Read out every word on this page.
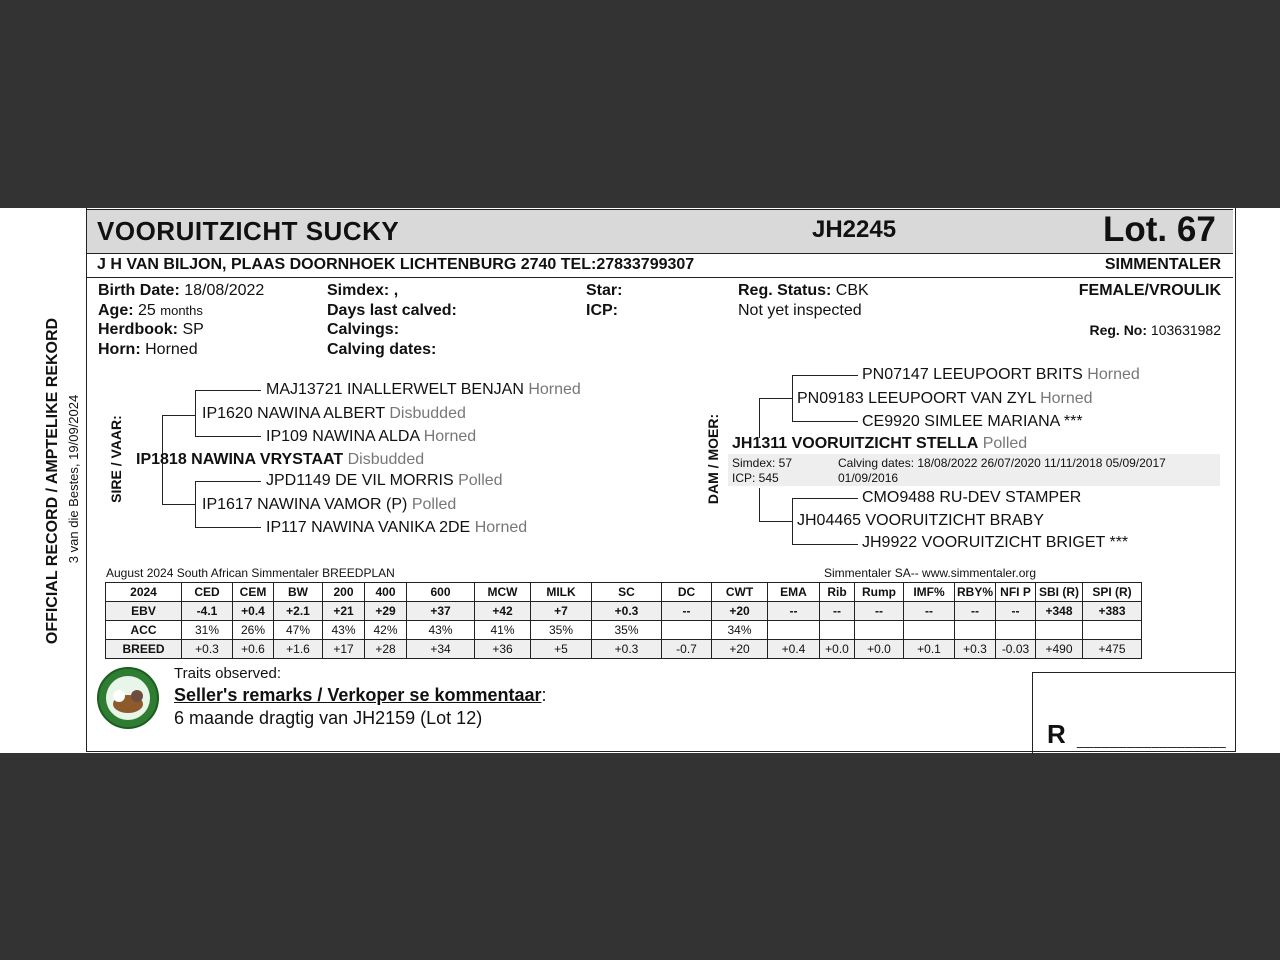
OFFICIAL RECORD / AMPTELIKE REKORD 3 van die Bestes, 19/09/2024
VOORUITZICHT SUCKY	JH2245	Lot. 67
J H VAN BILJON, PLAAS DOORNHOEK LICHTENBURG 2740 TEL:27833799307	SIMMENTALER
Birth Date: 18/08/2022
Age: 25 months
Herdbook: SP
Horn: Horned
Simdex: ,
Days last calved:
Calvings:
Calving dates:
Star:
ICP:
Reg. Status: CBK
Not yet inspected
FEMALE/VROULIK
Reg. No: 103631982
SIRE / VAAR:
MAJ13721 INALLERWELT BENJAN Horned
IP1620 NAWINA ALBERT Disbudded
IP109 NAWINA ALDA Horned
IP1818 NAWINA VRYSTAAT Disbudded
JPD1149 DE VIL MORRIS Polled
IP1617 NAWINA VAMOR (P) Polled
IP117 NAWINA VANIKA 2DE Horned
DAM / MOER:
PN07147 LEEUPOORT BRITS Horned
PN09183 LEEUPOORT VAN ZYL Horned
CE9920 SIMLEE MARIANA ***
JH1311 VOORUITZICHT STELLA Polled
Simdex: 57
ICP: 545
Calving dates: 18/08/2022 26/07/2020 11/11/2018 05/09/2017
01/09/2016
CMO9488 RU-DEV STAMPER
JH04465 VOORUITZICHT BRABY
JH9922 VOORUITZICHT BRIGET ***
August 2024 South African Simmentaler BREEDPLAN	Simmentaler SA-- www.simmentaler.org
2024	CED	CEM	BW	200	400	600	MCW	MILK	SC	DC	CWT	EMA	Rib	Rump	IMF%	RBY%	NFI P	SBI (R)	SPI (R)
EBV	-4.1	+0.4	+2.1	+21	+29	+37	+42	+7	+0.3	--	+20	--	--	--	--	--	--	+348	+383
ACC	31%	26%	47%	43%	42%	43%	41%	35%	35%		34%								
BREED	+0.3	+0.6	+1.6	+17	+28	+34	+36	+5	+0.3	-0.7	+20	+0.4	+0.0	+0.0	+0.1	+0.3	-0.03	+490	+475
Traits observed:
Seller's remarks / Verkoper se kommentaar:
6 maande dragtig van JH2159 (Lot 12)
R __________________
